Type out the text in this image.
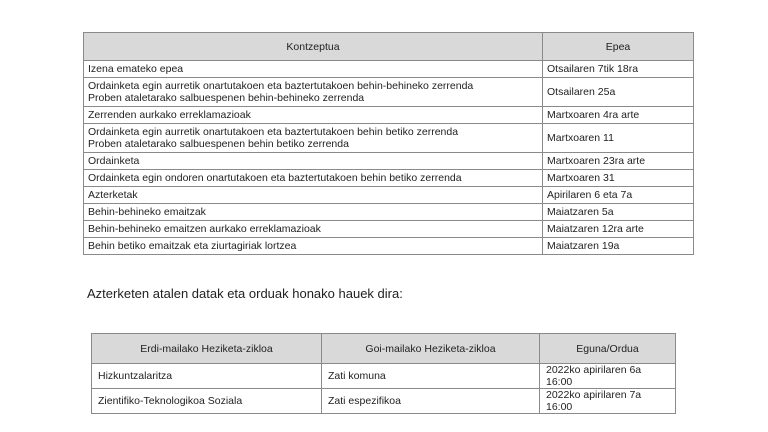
Kontzeptua	Epea
Izena emateko epea	Otsailaren 7tik 18ra
Ordainketa egin aurretik onartutakoen eta baztertutakoen behin-behineko zerrenda
Proben ataletarako salbuespenen behin-behineko zerrenda	Otsailaren 25a
Zerrenden aurkako erreklamazioak	Martxoaren 4ra arte
Ordainketa egin aurretik onartutakoen eta baztertutakoen behin betiko zerrenda
Proben ataletarako salbuespenen behin betiko zerrenda	Martxoaren 11
Ordainketa	Martxoaren 23ra arte
Ordainketa egin ondoren onartutakoen eta baztertutakoen behin betiko zerrenda	Martxoaren 31
Azterketak	Apirilaren 6 eta 7a
Behin-behineko emaitzak	Maiatzaren 5a
Behin-behineko emaitzen aurkako erreklamazioak	Maiatzaren 12ra arte
Behin betiko emaitzak eta ziurtagiriak lortzea	Maiatzaren 19a
Azterketen atalen datak eta orduak honako hauek dira:
Erdi-mailako Heziketa-zikloa	Goi-mailako Heziketa-zikloa	Eguna/Ordua
Hizkuntzalaritza	Zati komuna	2022ko apirilaren 6a
16:00
Zientifiko-Teknologikoa Soziala	Zati espezifikoa	2022ko apirilaren 7a
16:00
